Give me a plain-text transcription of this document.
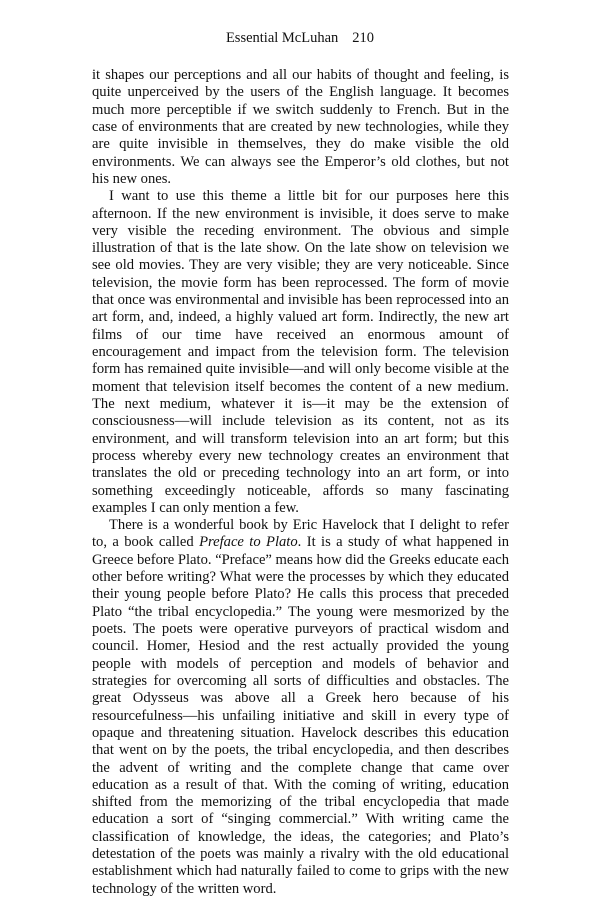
Essential McLuhan 210

it shapes our perceptions and all our habits of thought and feeling, is quite unperceived by the users of the English language. It becomes much more perceptible if we switch suddenly to French. But in the case of environments that are created by new technologies, while they are quite invisible in themselves, they do make visible the old environments. We can always see the Emperor’s old clothes, but not his new ones.

I want to use this theme a little bit for our purposes here this afternoon. If the new environment is invisible, it does serve to make very visible the receding environment. The obvious and simple illustration of that is the late show. On the late show on television we see old movies. They are very visible; they are very noticeable. Since television, the movie form has been reprocessed. The form of movie that once was environmental and invisible has been reprocessed into an art form, and, indeed, a highly valued art form. Indirectly, the new art films of our time have received an enormous amount of encouragement and impact from the television form. The television form has remained quite invisible—and will only become visible at the moment that television itself becomes the content of a new medium. The next medium, whatever it is—it may be the extension of consciousness—will include television as its content, not as its environment, and will transform television into an art form; but this process whereby every new technology creates an environment that translates the old or preceding technology into an art form, or into something exceedingly noticeable, affords so many fascinating examples I can only mention a few.

There is a wonderful book by Eric Havelock that I delight to refer to, a book called Preface to Plato. It is a study of what happened in Greece before Plato. “Preface” means how did the Greeks educate each other before writing? What were the processes by which they educated their young people before Plato? He calls this process that preceded Plato “the tribal encyclopedia.” The young were mesmorized by the poets. The poets were operative purveyors of practical wisdom and council. Homer, Hesiod and the rest actually provided the young people with models of perception and models of behavior and strategies for overcoming all sorts of difficulties and obstacles. The great Odysseus was above all a Greek hero because of his resourcefulness—his unfailing initiative and skill in every type of opaque and threatening situation. Havelock describes this education that went on by the poets, the tribal encyclopedia, and then describes the advent of writing and the complete change that came over education as a result of that. With the coming of writing, education shifted from the memorizing of the tribal encyclopedia that made education a sort of “singing commercial.” With writing came the classification of knowledge, the ideas, the categories; and Plato’s detestation of the poets was mainly a rivalry with the old educational establishment which had naturally failed to come to grips with the new technology of the written word.
